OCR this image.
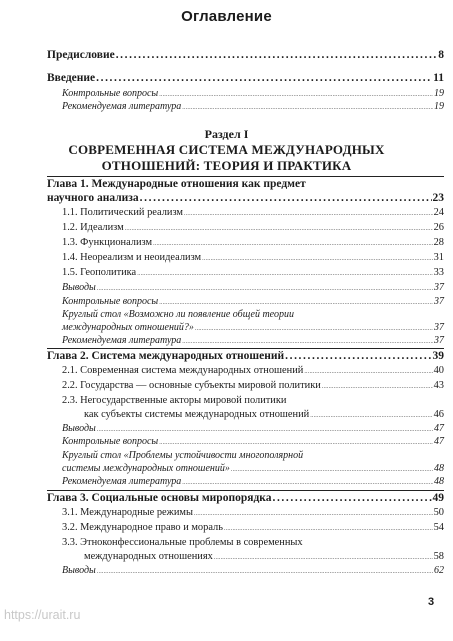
Оглавление
Предисловие .....	8
Введение .....	11
Контрольные вопросы .....	19
Рекомендуемая литература .....	19
Раздел I
СОВРЕМЕННАЯ СИСТЕМА МЕЖДУНАРОДНЫХ
ОТНОШЕНИЙ: ТЕОРИЯ И ПРАКТИКА
Глава 1. Международные отношения как предмет
научного анализа .....	23
1.1. Политический реализм .....	24
1.2. Идеализм .....	26
1.3. Функционализм .....	28
1.4. Неореализм и неоидеализм .....	31
1.5. Геополитика .....	33
Выводы .....	37
Контрольные вопросы .....	37
Круглый стол «Возможно ли появление общей теории
международных отношений?» .....	37
Рекомендуемая литература .....	37
Глава 2. Система международных отношений .....	39
2.1. Современная система международных отношений .....	40
2.2. Государства — основные субъекты мировой политики .....	43
2.3. Негосударственные акторы мировой политики
как субъекты системы международных отношений .....	46
Выводы .....	47
Контрольные вопросы .....	47
Круглый стол «Проблемы устойчивости многополярной
системы международных отношений» .....	48
Рекомендуемая литература .....	48
Глава 3. Социальные основы миропорядка .....	49
3.1. Международные режимы .....	50
3.2. Международное право и мораль .....	54
3.3. Этноконфессиональные проблемы в современных
международных отношениях .....	58
Выводы .....	62
3
https://urait.ru
